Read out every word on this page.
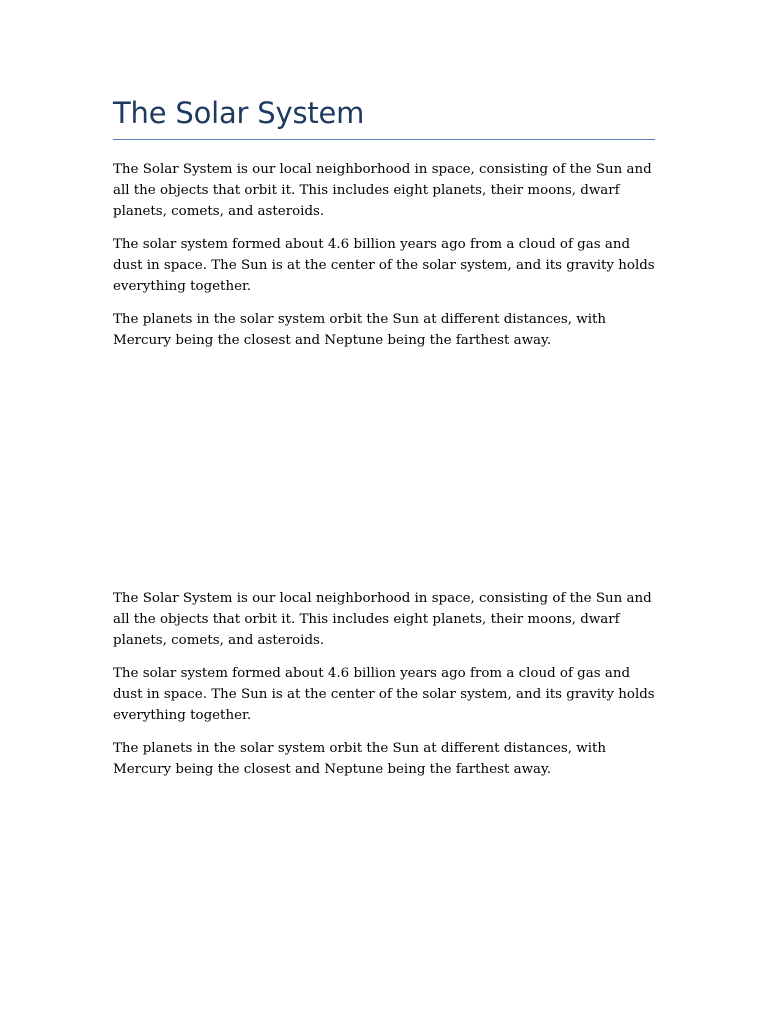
The Solar System

The Solar System is our local neighborhood in space, consisting of the Sun and all the objects that orbit it. This includes eight planets, their moons, dwarf planets, comets, and asteroids.

The solar system formed about 4.6 billion years ago from a cloud of gas and dust in space. The Sun is at the center of the solar system, and its gravity holds everything together.

The planets in the solar system orbit the Sun at different distances, with Mercury being the closest and Neptune being the farthest away.

The Solar System is our local neighborhood in space, consisting of the Sun and all the objects that orbit it. This includes eight planets, their moons, dwarf planets, comets, and asteroids.

The solar system formed about 4.6 billion years ago from a cloud of gas and dust in space. The Sun is at the center of the solar system, and its gravity holds everything together.

The planets in the solar system orbit the Sun at different distances, with Mercury being the closest and Neptune being the farthest away.
